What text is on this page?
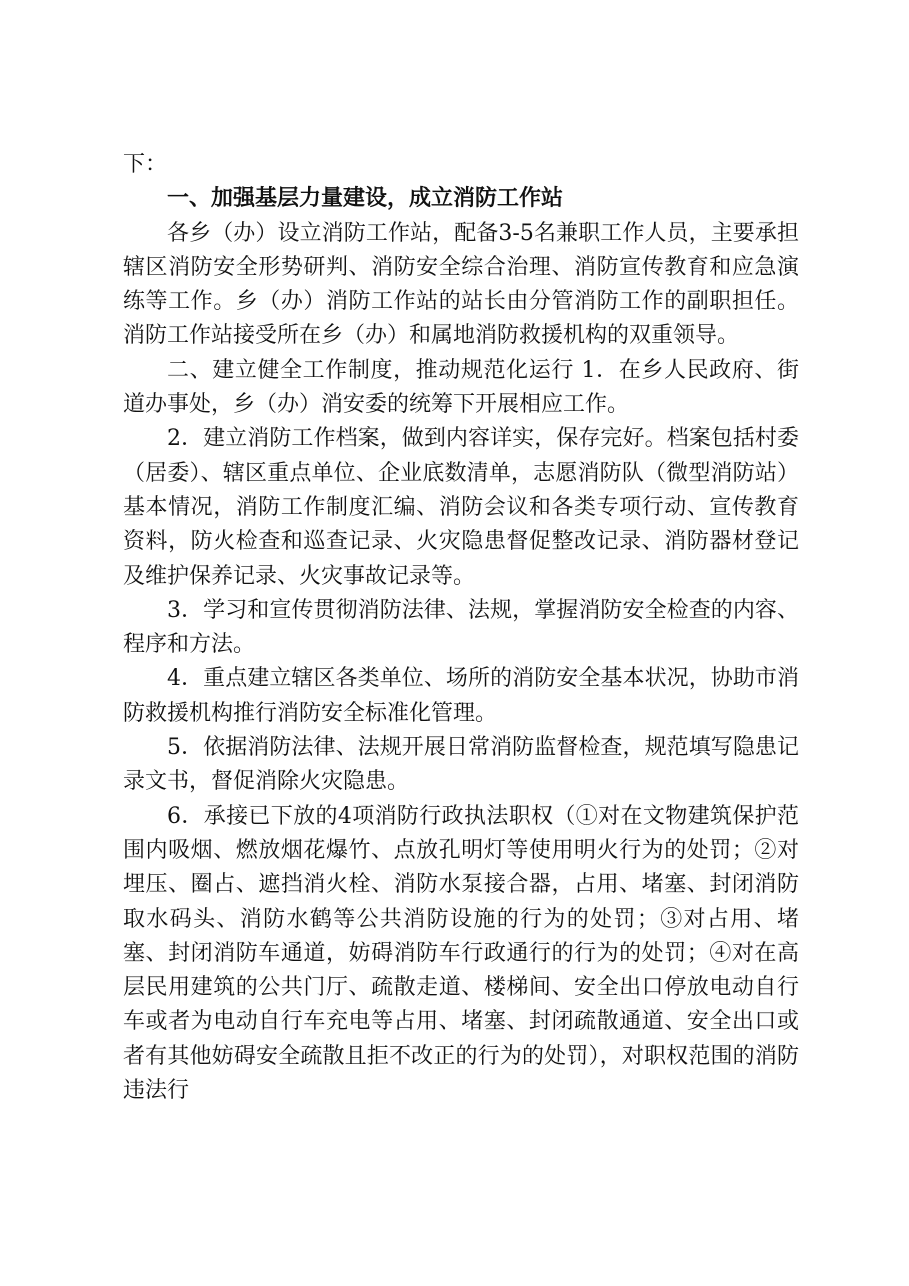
下：

一、加强基层力量建设，成立消防工作站

各乡（办）设立消防工作站，配备3-5名兼职工作人员，主要承担辖区消防安全形势研判、消防安全综合治理、消防宣传教育和应急演练等工作。乡（办）消防工作站的站长由分管消防工作的副职担任。消防工作站接受所在乡（办）和属地消防救援机构的双重领导。

二、建立健全工作制度，推动规范化运行 1．在乡人民政府、街道办事处，乡（办）消安委的统筹下开展相应工作。

2．建立消防工作档案，做到内容详实，保存完好。档案包括村委（居委）、辖区重点单位、企业底数清单，志愿消防队（微型消防站）基本情况，消防工作制度汇编、消防会议和各类专项行动、宣传教育资料，防火检查和巡查记录、火灾隐患督促整改记录、消防器材登记及维护保养记录、火灾事故记录等。

3．学习和宣传贯彻消防法律、法规，掌握消防安全检查的内容、程序和方法。

4．重点建立辖区各类单位、场所的消防安全基本状况，协助市消防救援机构推行消防安全标准化管理。

5．依据消防法律、法规开展日常消防监督检查，规范填写隐患记录文书，督促消除火灾隐患。

6．承接已下放的4项消防行政执法职权（①对在文物建筑保护范围内吸烟、燃放烟花爆竹、点放孔明灯等使用明火行为的处罚；②对埋压、圈占、遮挡消火栓、消防水泵接合器，占用、堵塞、封闭消防取水码头、消防水鹤等公共消防设施的行为的处罚；③对占用、堵塞、封闭消防车通道，妨碍消防车行政通行的行为的处罚；④对在高层民用建筑的公共门厅、疏散走道、楼梯间、安全出口停放电动自行车或者为电动自行车充电等占用、堵塞、封闭疏散通道、安全出口或者有其他妨碍安全疏散且拒不改正的行为的处罚），对职权范围的消防违法行
